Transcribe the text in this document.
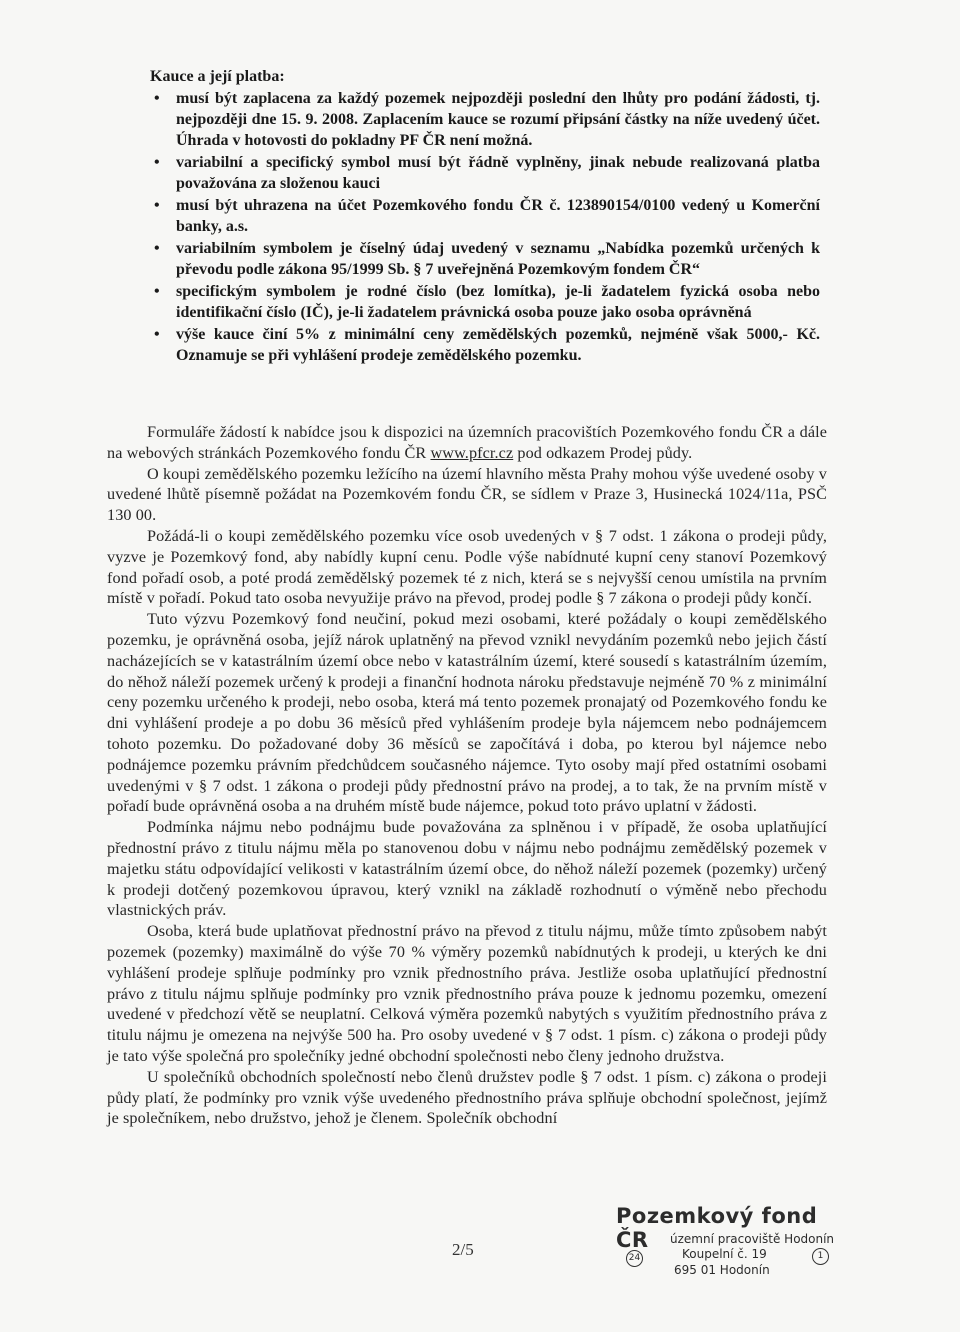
Kauce a její platba:
• musí být zaplacena za každý pozemek nejpozději poslední den lhůty pro podání žádosti, tj. nejpozději dne 15. 9. 2008. Zaplacením kauce se rozumí připsání částky na níže uvedený účet. Úhrada v hotovosti do pokladny PF ČR není možná.
• variabilní a specifický symbol musí být řádně vyplněny, jinak nebude realizovaná platba považována za složenou kauci
• musí být uhrazena na účet Pozemkového fondu ČR č. 123890154/0100 vedený u Komerční banky, a.s.
• variabilním symbolem je číselný údaj uvedený v seznamu „Nabídka pozemků určených k převodu podle zákona 95/1999 Sb. § 7 uveřejněná Pozemkovým fondem ČR“
• specifickým symbolem je rodné číslo (bez lomítka), je-li žadatelem fyzická osoba nebo identifikační číslo (IČ), je-li žadatelem právnická osoba pouze jako osoba oprávněná
• výše kauce činí 5% z minimální ceny zemědělských pozemků, nejméně však 5000,- Kč. Oznamuje se při vyhlášení prodeje zemědělského pozemku.

Formuláře žádostí k nabídce jsou k dispozici na územních pracovištích Pozemkového fondu ČR a dále na webových stránkách Pozemkového fondu ČR www.pfcr.cz pod odkazem Prodej půdy.

O koupi zemědělského pozemku ležícího na území hlavního města Prahy mohou výše uvedené osoby v uvedené lhůtě písemně požádat na Pozemkovém fondu ČR, se sídlem v Praze 3, Husinecká 1024/11a, PSČ 130 00.

Požádá-li o koupi zemědělského pozemku více osob uvedených v § 7 odst. 1 zákona o prodeji půdy, vyzve je Pozemkový fond, aby nabídly kupní cenu. Podle výše nabídnuté kupní ceny stanoví Pozemkový fond pořadí osob, a poté prodá zemědělský pozemek té z nich, která se s nejvyšší cenou umístila na prvním místě v pořadí. Pokud tato osoba nevyužije právo na převod, prodej podle § 7 zákona o prodeji půdy končí.

Tuto výzvu Pozemkový fond neučiní, pokud mezi osobami, které požádaly o koupi zemědělského pozemku, je oprávněná osoba, jejíž nárok uplatněný na převod vznikl nevydáním pozemků nebo jejich částí nacházejících se v katastrálním území obce nebo v katastrálním území, které sousedí s katastrálním územím, do něhož náleží pozemek určený k prodeji a finanční hodnota nároku představuje nejméně 70 % z minimální ceny pozemku určeného k prodeji, nebo osoba, která má tento pozemek pronajatý od Pozemkového fondu ke dni vyhlášení prodeje a po dobu 36 měsíců před vyhlášením prodeje byla nájemcem nebo podnájemcem tohoto pozemku. Do požadované doby 36 měsíců se započítává i doba, po kterou byl nájemce nebo podnájemce pozemku právním předchůdcem současného nájemce. Tyto osoby mají před ostatními osobami uvedenými v § 7 odst. 1 zákona o prodeji půdy přednostní právo na prodej, a to tak, že na prvním místě v pořadí bude oprávněná osoba a na druhém místě bude nájemce, pokud toto právo uplatní v žádosti.

Podmínka nájmu nebo podnájmu bude považována za splněnou i v případě, že osoba uplatňující přednostní právo z titulu nájmu měla po stanovenou dobu v nájmu nebo podnájmu zemědělský pozemek v majetku státu odpovídající velikosti v katastrálním území obce, do něhož náleží pozemek (pozemky) určený k prodeji dotčený pozemkovou úpravou, který vznikl na základě rozhodnutí o výměně nebo přechodu vlastnických práv.

Osoba, která bude uplatňovat přednostní právo na převod z titulu nájmu, může tímto způsobem nabýt pozemek (pozemky) maximálně do výše 70 % výměry pozemků nabídnutých k prodeji, u kterých ke dni vyhlášení prodeje splňuje podmínky pro vznik přednostního práva. Jestliže osoba uplatňující přednostní právo z titulu nájmu splňuje podmínky pro vznik přednostního práva pouze k jednomu pozemku, omezení uvedené v předchozí větě se neuplatní. Celková výměra pozemků nabytých s využitím přednostního práva z titulu nájmu je omezena na nejvýše 500 ha. Pro osoby uvedené v § 7 odst. 1 písm. c) zákona o prodeji půdy je tato výše společná pro společníky jedné obchodní společnosti nebo členy jednoho družstva.

U společníků obchodních společností nebo členů družstev podle § 7 odst. 1 písm. c) zákona o prodeji půdy platí, že podmínky pro vznik výše uvedeného přednostního práva splňuje obchodní společnost, jejímž je společníkem, nebo družstvo, jehož je členem. Společník obchodní

2/5
Pozemkový fond ČR	územní pracoviště Hodonín
Koupelní č. 19
695 01 Hodonín
24	1
